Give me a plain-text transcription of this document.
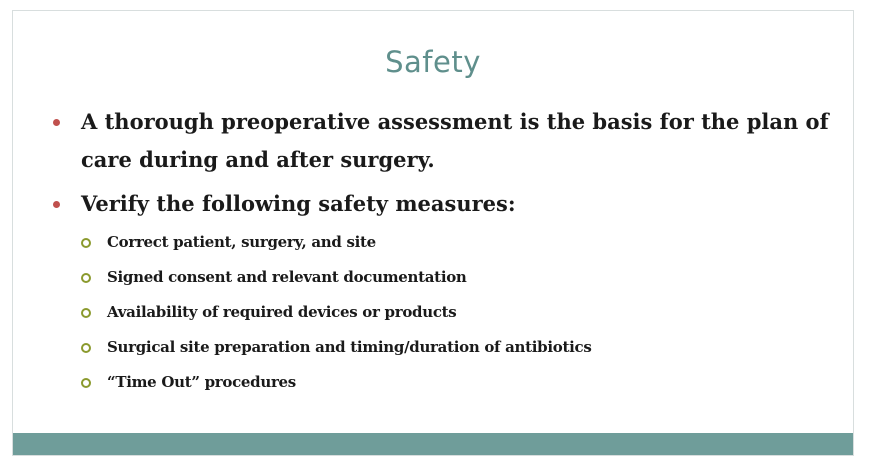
Safety
A thorough preoperative assessment is the basis for the plan of care during and after surgery.
Verify the following safety measures:
Correct patient, surgery, and site
Signed consent and relevant documentation
Availability of required devices or products
Surgical site preparation and timing/duration of antibiotics
“Time Out” procedures
